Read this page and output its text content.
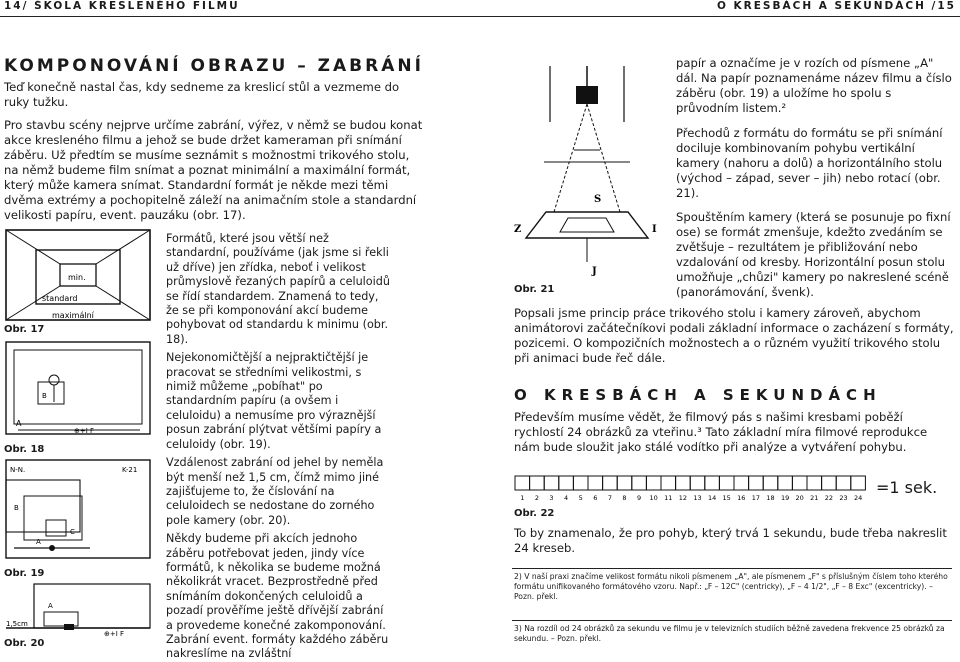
14/ ŠKOLA KRESLENÉHO FILMU	O KRESBÁCH A SEKUNDÁCH /15
KOMPONOVÁNÍ OBRAZU – ZABRÁNÍ
Teď konečně nastal čas, kdy sedneme za kreslicí stůl a vezmeme do ruky tužku.
Pro stavbu scény nejprve určíme zabrání, výřez, v němž se budou konat akce kresleného filmu a jehož se bude držet kameraman při snímání záběru. Už předtím se musíme seznámit s možnostmi trikového stolu, na němž budeme film snímat a poznat minimální a maximální formát, který může kamera snímat. Standardní formát je někde mezi těmi dvěma extrémy a pochopitelně záleží na animačním stole a standardní velikosti papíru, event. pauzáku (obr. 17).
min.
standard
maximální
Obr. 17
A
B
⊕+I F
Obr. 18
N-N.	K-21
B
A
C
Obr. 19
1,5cm
A
⊕+I F
Obr. 20

Formátů, které jsou větší než standardní, používáme (jak jsme si řekli už dříve) jen zřídka, neboť i velikost průmyslově řezaných papírů a celuloidů se řídí standardem. Znamená to tedy, že se při komponování akcí budeme pohybovat od standardu k minimu (obr. 18).

Nejekonomičtější a nejpraktičtější je pracovat se středními velikostmi, s nimiž můžeme „pobíhat" po standardním papíru (a ovšem i celuloidu) a nemusíme pro výraznější posun zabrání plýtvat většími papíry a celuloidy (obr. 19).

Vzdálenost zabrání od jehel by neměla být menší než 1,5 cm, čímž mimo jiné zajišťujeme to, že číslování na celuloidech se nedostane do zorného pole kamery (obr. 20).

Někdy budeme při akcích jednoho záběru potřebovat jeden, jindy více formátů, k několika se budeme možná několikrát vracet. Bezprostředně před snímáním dokončených celuloidů a pozadí prověříme ještě dřívější zabrání a provedeme konečné zakomponování. Zabrání event. formáty každého záběru nakreslíme na zvláštní

papír a označíme je v rozích od písmene „A" dál. Na papír poznamenáme název filmu a číslo záběru (obr. 19) a uložíme ho spolu s průvodním listem.²
Přechodů z formátu do formátu se při snímání dociluje kombinovaním pohybu vertikální kamery (nahoru a dolů) a horizontálního stolu (východ – západ, sever – jih) nebo rotací (obr. 21).
Spouštěním kamery (která se posunuje po fixní ose) se formát zmenšuje, kdežto zvedáním se zvětšuje – rezultátem je přibližování nebo vzdalování od kresby. Horizontální posun stolu umožňuje „chůzi" kamery po nakreslené scéně (panorámování, švenk).
Z	I
S
J
Obr. 21
Popsali jsme princip práce trikového stolu i kamery zároveň, abychom animátorovi začátečníkovi podali základní informace o zacházení s formáty, pozicemi. O kompozičních možnostech a o různém využití trikového stolu při animaci bude řeč dále.
O KRESBÁCH A SEKUNDÁCH
Především musíme vědět, že filmový pás s našimi kresbami poběží rychlostí 24 obrázků za vteřinu.³ Tato základní míra filmové reprodukce nám bude sloužit jako stálé vodítko při analýze a vytváření pohybu.
1 2 3 4 5 6 7 8 9 10 11 12 13 14 15 16 17 18 19 20 21 22 23 24
=1 sek.
Obr. 22
To by znamenalo, že pro pohyb, který trvá 1 sekundu, bude třeba nakreslit 24 kreseb.
2) V naší praxi značíme velikost formátu nikoli písmenem „A", ale písmenem „F" s příslušným číslem toho kterého formátu unifikovaného formátového vzoru. Např.: „F – 12C" (centricky), „F – 4 1/2", „F – 8 Exc" (excentricky). – Pozn. překl.
3) Na rozdíl od 24 obrázků za sekundu ve filmu je v televizních studiích běžně zavedena frekvence 25 obrázků za sekundu. – Pozn. překl.
